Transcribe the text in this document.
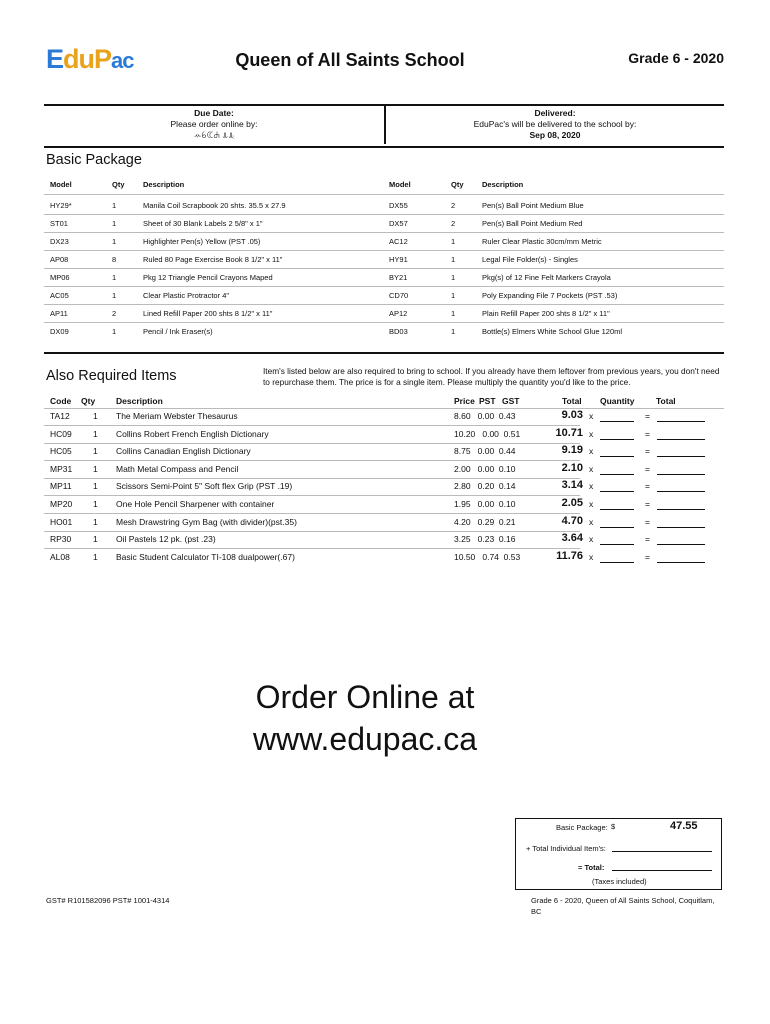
EduPac	Queen of All Saints School	Grade 6 - 2020
Due Date:
Please order online by:
ꕂꕃꕆꕈ ꕊꕋ
Delivered:
EduPac's will be delivered to the school by:
Sep 08, 2020
Basic Package
Model	Qty Description	Model	Qty Description
HY29*	1	Manila Coil Scrapbook 20 shts. 35.5 x 27.9	DX55	2	Pen(s) Ball Point Medium Blue
ST01	1	Sheet of 30 Blank Labels 2 5/8" x 1"	DX57	2	Pen(s) Ball Point Medium Red
DX23	1	Highlighter Pen(s) Yellow (PST .05)	AC12	1	Ruler Clear Plastic 30cm/mm Metric
AP08	8	Ruled 80 Page Exercise Book 8 1/2" x 11"	HY91	1	Legal File Folder(s) - Singles
MP06	1	Pkg 12 Triangle Pencil Crayons Maped	BY21	1	Pkg(s) of 12 Fine Felt Markers Crayola
AC05	1	Clear Plastic Protractor 4"	CD70	1	Poly Expanding File 7 Pockets (PST .53)
AP11	2	Lined Refill Paper 200 shts 8 1/2" x 11"	AP12	1	Plain Refill Paper 200 shts 8 1/2" x 11"
DX09	1	Pencil / Ink Eraser(s)	BD03	1	Bottle(s) Elmers White School Glue 120ml
Also Required Items	Item's listed below are also required to bring to school. If you already have them leftover from previous years, you don't need to repurchase them. The price is for a single item. Please multiply the quantity you'd like to the price.
Code Qty Description	Price PST GST	Total Quantity	Total
TA12	1 The Meriam Webster Thesaurus	8.60   0.00  0.43	9.03 x	=
HC09	1 Collins Robert French English Dictionary	10.20   0.00  0.51	10.71 x	=
HC05	1 Collins Canadian English Dictionary	8.75   0.00  0.44	9.19 x	=
MP31 1 Math Metal Compass and Pencil	2.00   0.00  0.10	2.10 x	=
MP11	1 Scissors Semi-Point 5" Soft flex Grip (PST .19)	2.80   0.20  0.14	3.14 x	=
MP20 1 One Hole Pencil Sharpener with container	1.95   0.00  0.10	2.05 x	=
HO01 1 Mesh Drawstring Gym Bag (with divider)(pst.35)	4.20   0.29  0.21	4.70 x	=
RP30	1 Oil Pastels 12 pk. (pst .23)	3.25   0.23  0.16	3.64 x	=
AL08	1 Basic Student Calculator TI-108 dualpower(.67)	10.50   0.74  0.53	11.76 x	=
Order Online at
www.edupac.ca
Basic Package: $	47.55
+ Total Individual Item's:
= Total:
(Taxes included)
GST# R101582096 PST# 1001-4314	Grade 6 - 2020, Queen of All Saints School, Coquitlam, BC
